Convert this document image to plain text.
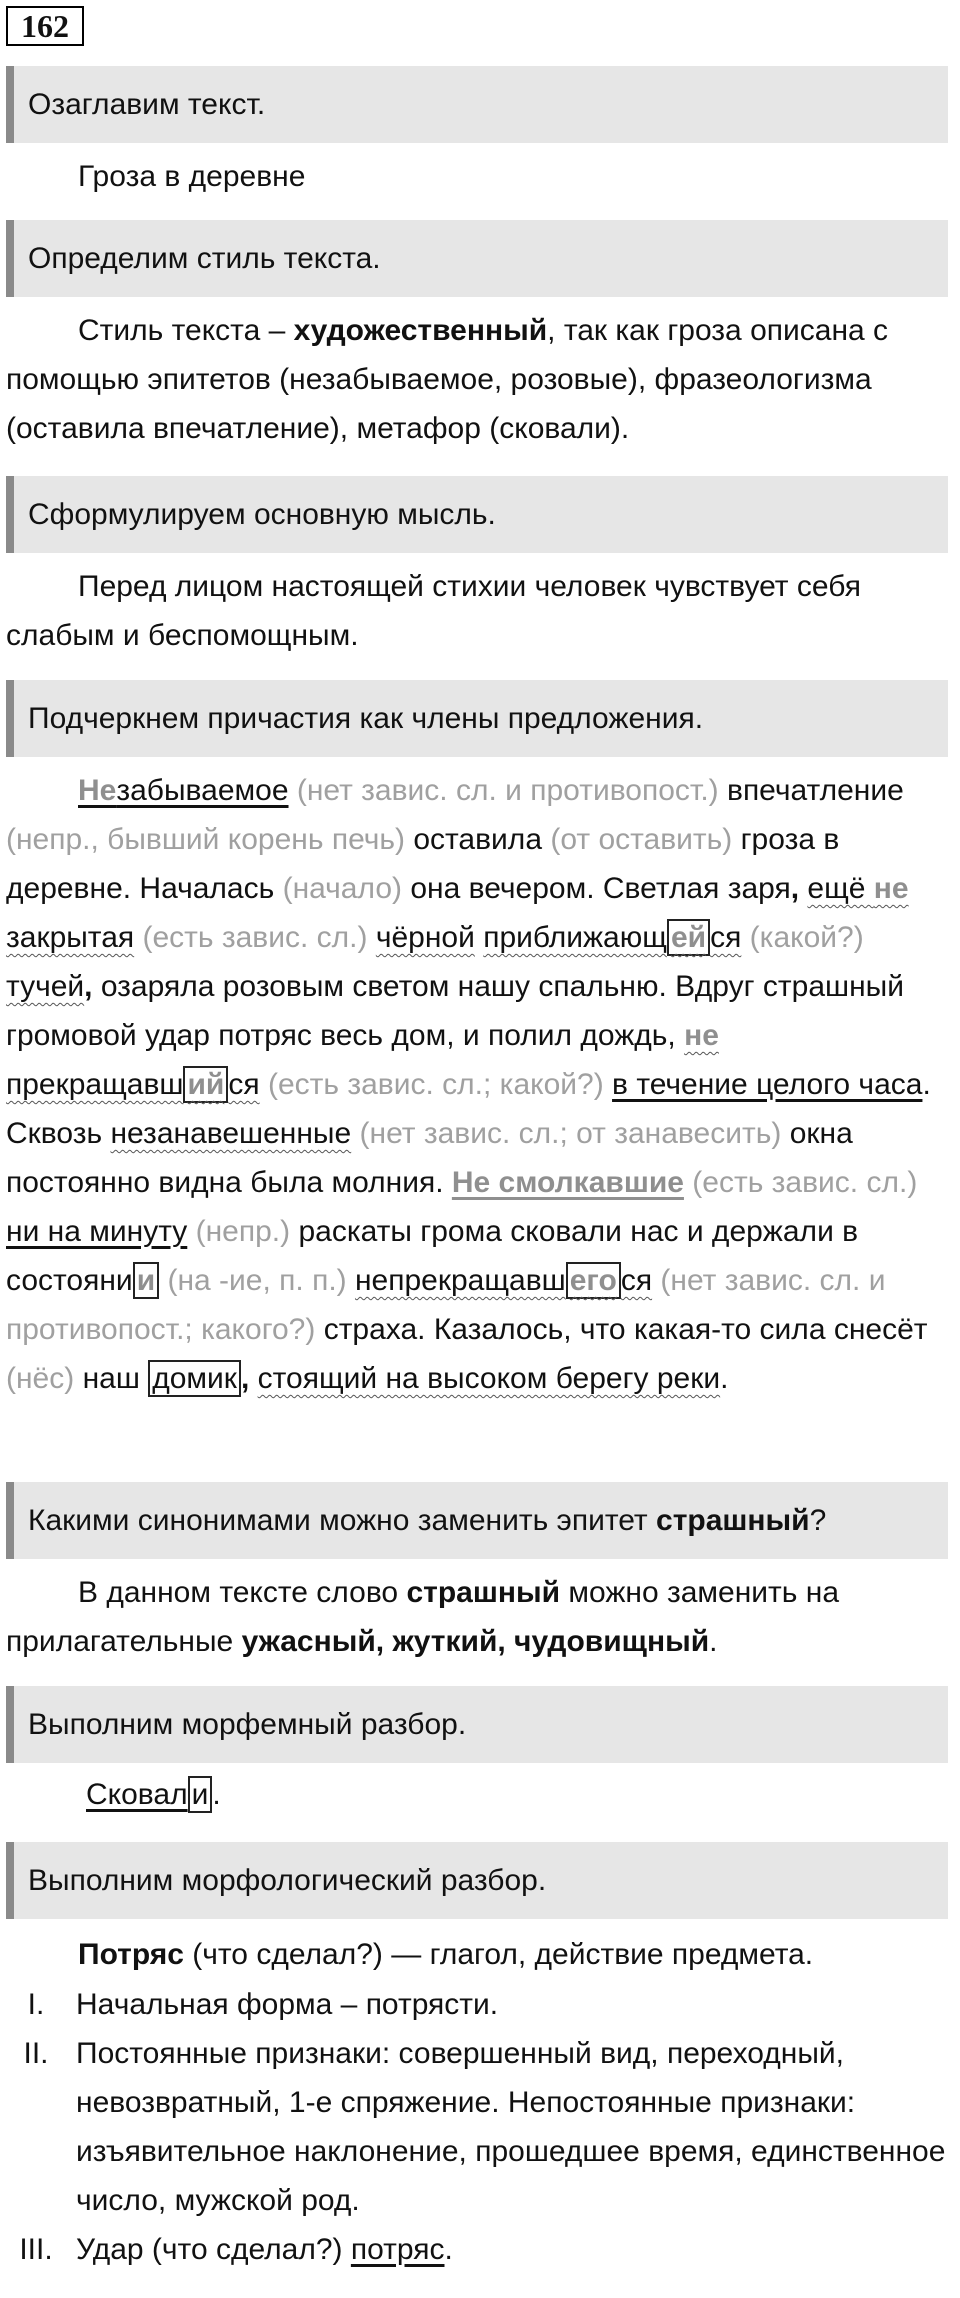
162
Озаглавим текст.
Гроза в деревне
Определим стиль текста.
Стиль текста – художественный, так как гроза описана с помощью эпитетов (незабываемое, розовые), фразеологизма (оставила впечатление), метафор (сковали).
Сформулируем основную мысль.
Перед лицом настоящей стихии человек чувствует себя слабым и беспомощным.
Подчеркнем причастия как члены предложения.
Незабываемое (нет завис. сл. и противопост.) впечатление (непр., бывший корень печь) оставила (от оставить) гроза в деревне. Началась (начало) она вечером. Светлая заря, ещё не закрытая (есть завис. сл.) чёрной приближающ ей ся (какой?) тучей, озаряла розовым светом нашу спальню. Вдруг страшный громовой удар потряс весь дом, и полил дождь, не прекращавш ий ся (есть завис. сл.; какой?) в течение целого часа. Сквозь незанавешенные (нет завис. сл.; от занавесить) окна постоянно видна была молния. Не смолкавшие (есть завис. сл.) ни на минуту (непр.) раскаты грома сковали нас и держали в состояни и (на -ие, п. п.) непрекращавш его ся (нет завис. сл. и противопост.; какого?) страха. Казалось, что какая-то сила снесёт (нёс) наш домик , стоящий на высоком берегу реки.
Какими синонимами можно заменить эпитет страшный?
В данном тексте слово страшный можно заменить на прилагательные ужасный, жуткий, чудовищный.
Выполним морфемный разбор.
Сковал и .
Выполним морфологический разбор.
Потряс (что сделал?) — глагол, действие предмета.
I.	Начальная форма – потрясти.
II. Постоянные признаки: совершенный вид, переходный, невозвратный, 1-е спряжение. Непостоянные признаки: изъявительное наклонение, прошедшее время, единственное число, мужской род.
III. Удар (что сделал?) потряс.
